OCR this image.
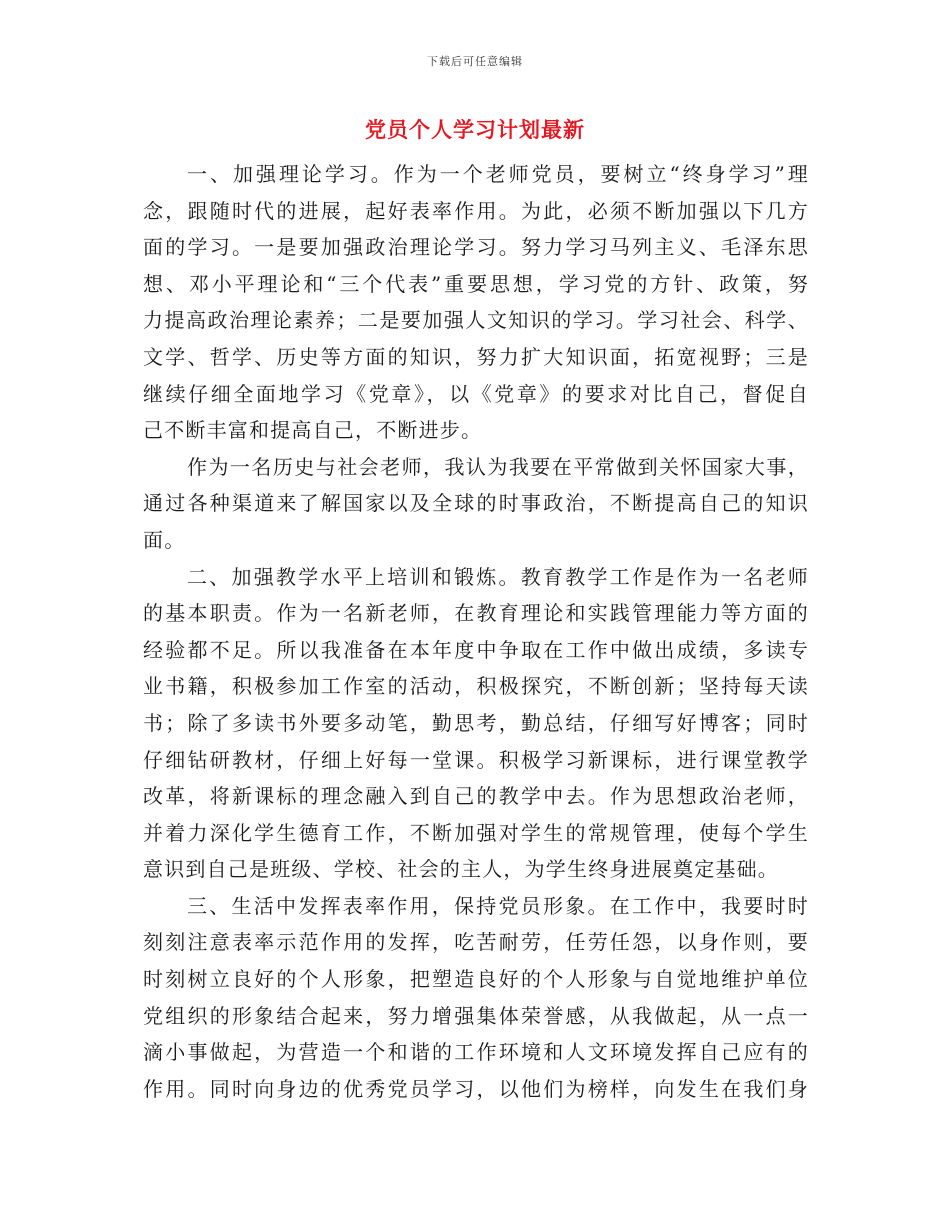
下载后可任意编辑
党员个人学习计划最新
一、加强理论学习。作为一个老师党员，要树立“终身学习”理
念，跟随时代的进展，起好表率作用。为此，必须不断加强以下几方
面的学习。一是要加强政治理论学习。努力学习马列主义、毛泽东思
想、邓小平理论和“三个代表”重要思想，学习党的方针、政策，努
力提高政治理论素养；二是要加强人文知识的学习。学习社会、科学、
文学、哲学、历史等方面的知识，努力扩大知识面，拓宽视野；三是
继续仔细全面地学习《党章》，以《党章》的要求对比自己，督促自
己不断丰富和提高自己，不断进步。
作为一名历史与社会老师，我认为我要在平常做到关怀国家大事，
通过各种渠道来了解国家以及全球的时事政治，不断提高自己的知识
面。
二、加强教学水平上培训和锻炼。教育教学工作是作为一名老师
的基本职责。作为一名新老师，在教育理论和实践管理能力等方面的
经验都不足。所以我准备在本年度中争取在工作中做出成绩，多读专
业书籍，积极参加工作室的活动，积极探究，不断创新；坚持每天读
书；除了多读书外要多动笔，勤思考，勤总结，仔细写好博客；同时
仔细钻研教材，仔细上好每一堂课。积极学习新课标，进行课堂教学
改革，将新课标的理念融入到自己的教学中去。作为思想政治老师，
并着力深化学生德育工作，不断加强对学生的常规管理，使每个学生
意识到自己是班级、学校、社会的主人，为学生终身进展奠定基础。
三、生活中发挥表率作用，保持党员形象。在工作中，我要时时
刻刻注意表率示范作用的发挥，吃苦耐劳，任劳任怨，以身作则，要
时刻树立良好的个人形象，把塑造良好的个人形象与自觉地维护单位
党组织的形象结合起来，努力增强集体荣誉感，从我做起，从一点一
滴小事做起，为营造一个和谐的工作环境和人文环境发挥自己应有的
作用。同时向身边的优秀党员学习，以他们为榜样，向发生在我们身
